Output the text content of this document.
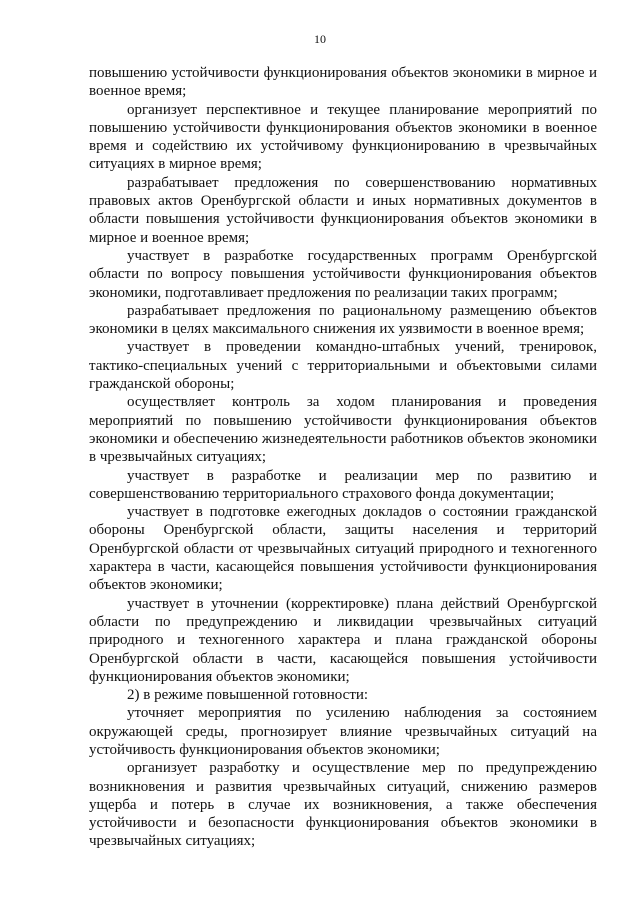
10

повышению устойчивости функционирования объектов экономики в мирное и военное время;

организует перспективное и текущее планирование мероприятий по повышению устойчивости функционирования объектов экономики в военное время и содействию их устойчивому функционированию в чрезвычайных ситуациях в мирное время;

разрабатывает предложения по совершенствованию нормативных правовых актов Оренбургской области и иных нормативных документов в области повышения устойчивости функционирования объектов экономики в мирное и военное время;

участвует в разработке государственных программ Оренбургской области по вопросу повышения устойчивости функционирования объектов экономики, подготавливает предложения по реализации таких программ;

разрабатывает предложения по рациональному размещению объектов экономики в целях максимального снижения их уязвимости в военное время;

участвует в проведении командно-штабных учений, тренировок, тактико-специальных учений с территориальными и объектовыми силами гражданской обороны;

осуществляет контроль за ходом планирования и проведения мероприятий по повышению устойчивости функционирования объектов экономики и обеспечению жизнедеятельности работников объектов экономики в чрезвычайных ситуациях;

участвует в разработке и реализации мер по развитию и совершенствованию территориального страхового фонда документации;

участвует в подготовке ежегодных докладов о состоянии гражданской обороны Оренбургской области, защиты населения и территорий Оренбургской области от чрезвычайных ситуаций природного и техногенного характера в части, касающейся повышения устойчивости функционирования объектов экономики;

участвует в уточнении (корректировке) плана действий Оренбургской области по предупреждению и ликвидации чрезвычайных ситуаций природного и техногенного характера и плана гражданской обороны Оренбургской области в части, касающейся повышения устойчивости функционирования объектов экономики;

2) в режиме повышенной готовности:

уточняет мероприятия по усилению наблюдения за состоянием окружающей среды, прогнозирует влияние чрезвычайных ситуаций на устойчивость функционирования объектов экономики;

организует разработку и осуществление мер по предупреждению возникновения и развития чрезвычайных ситуаций, снижению размеров ущерба и потерь в случае их возникновения, а также обеспечения устойчивости и безопасности функционирования объектов экономики в чрезвычайных ситуациях;
